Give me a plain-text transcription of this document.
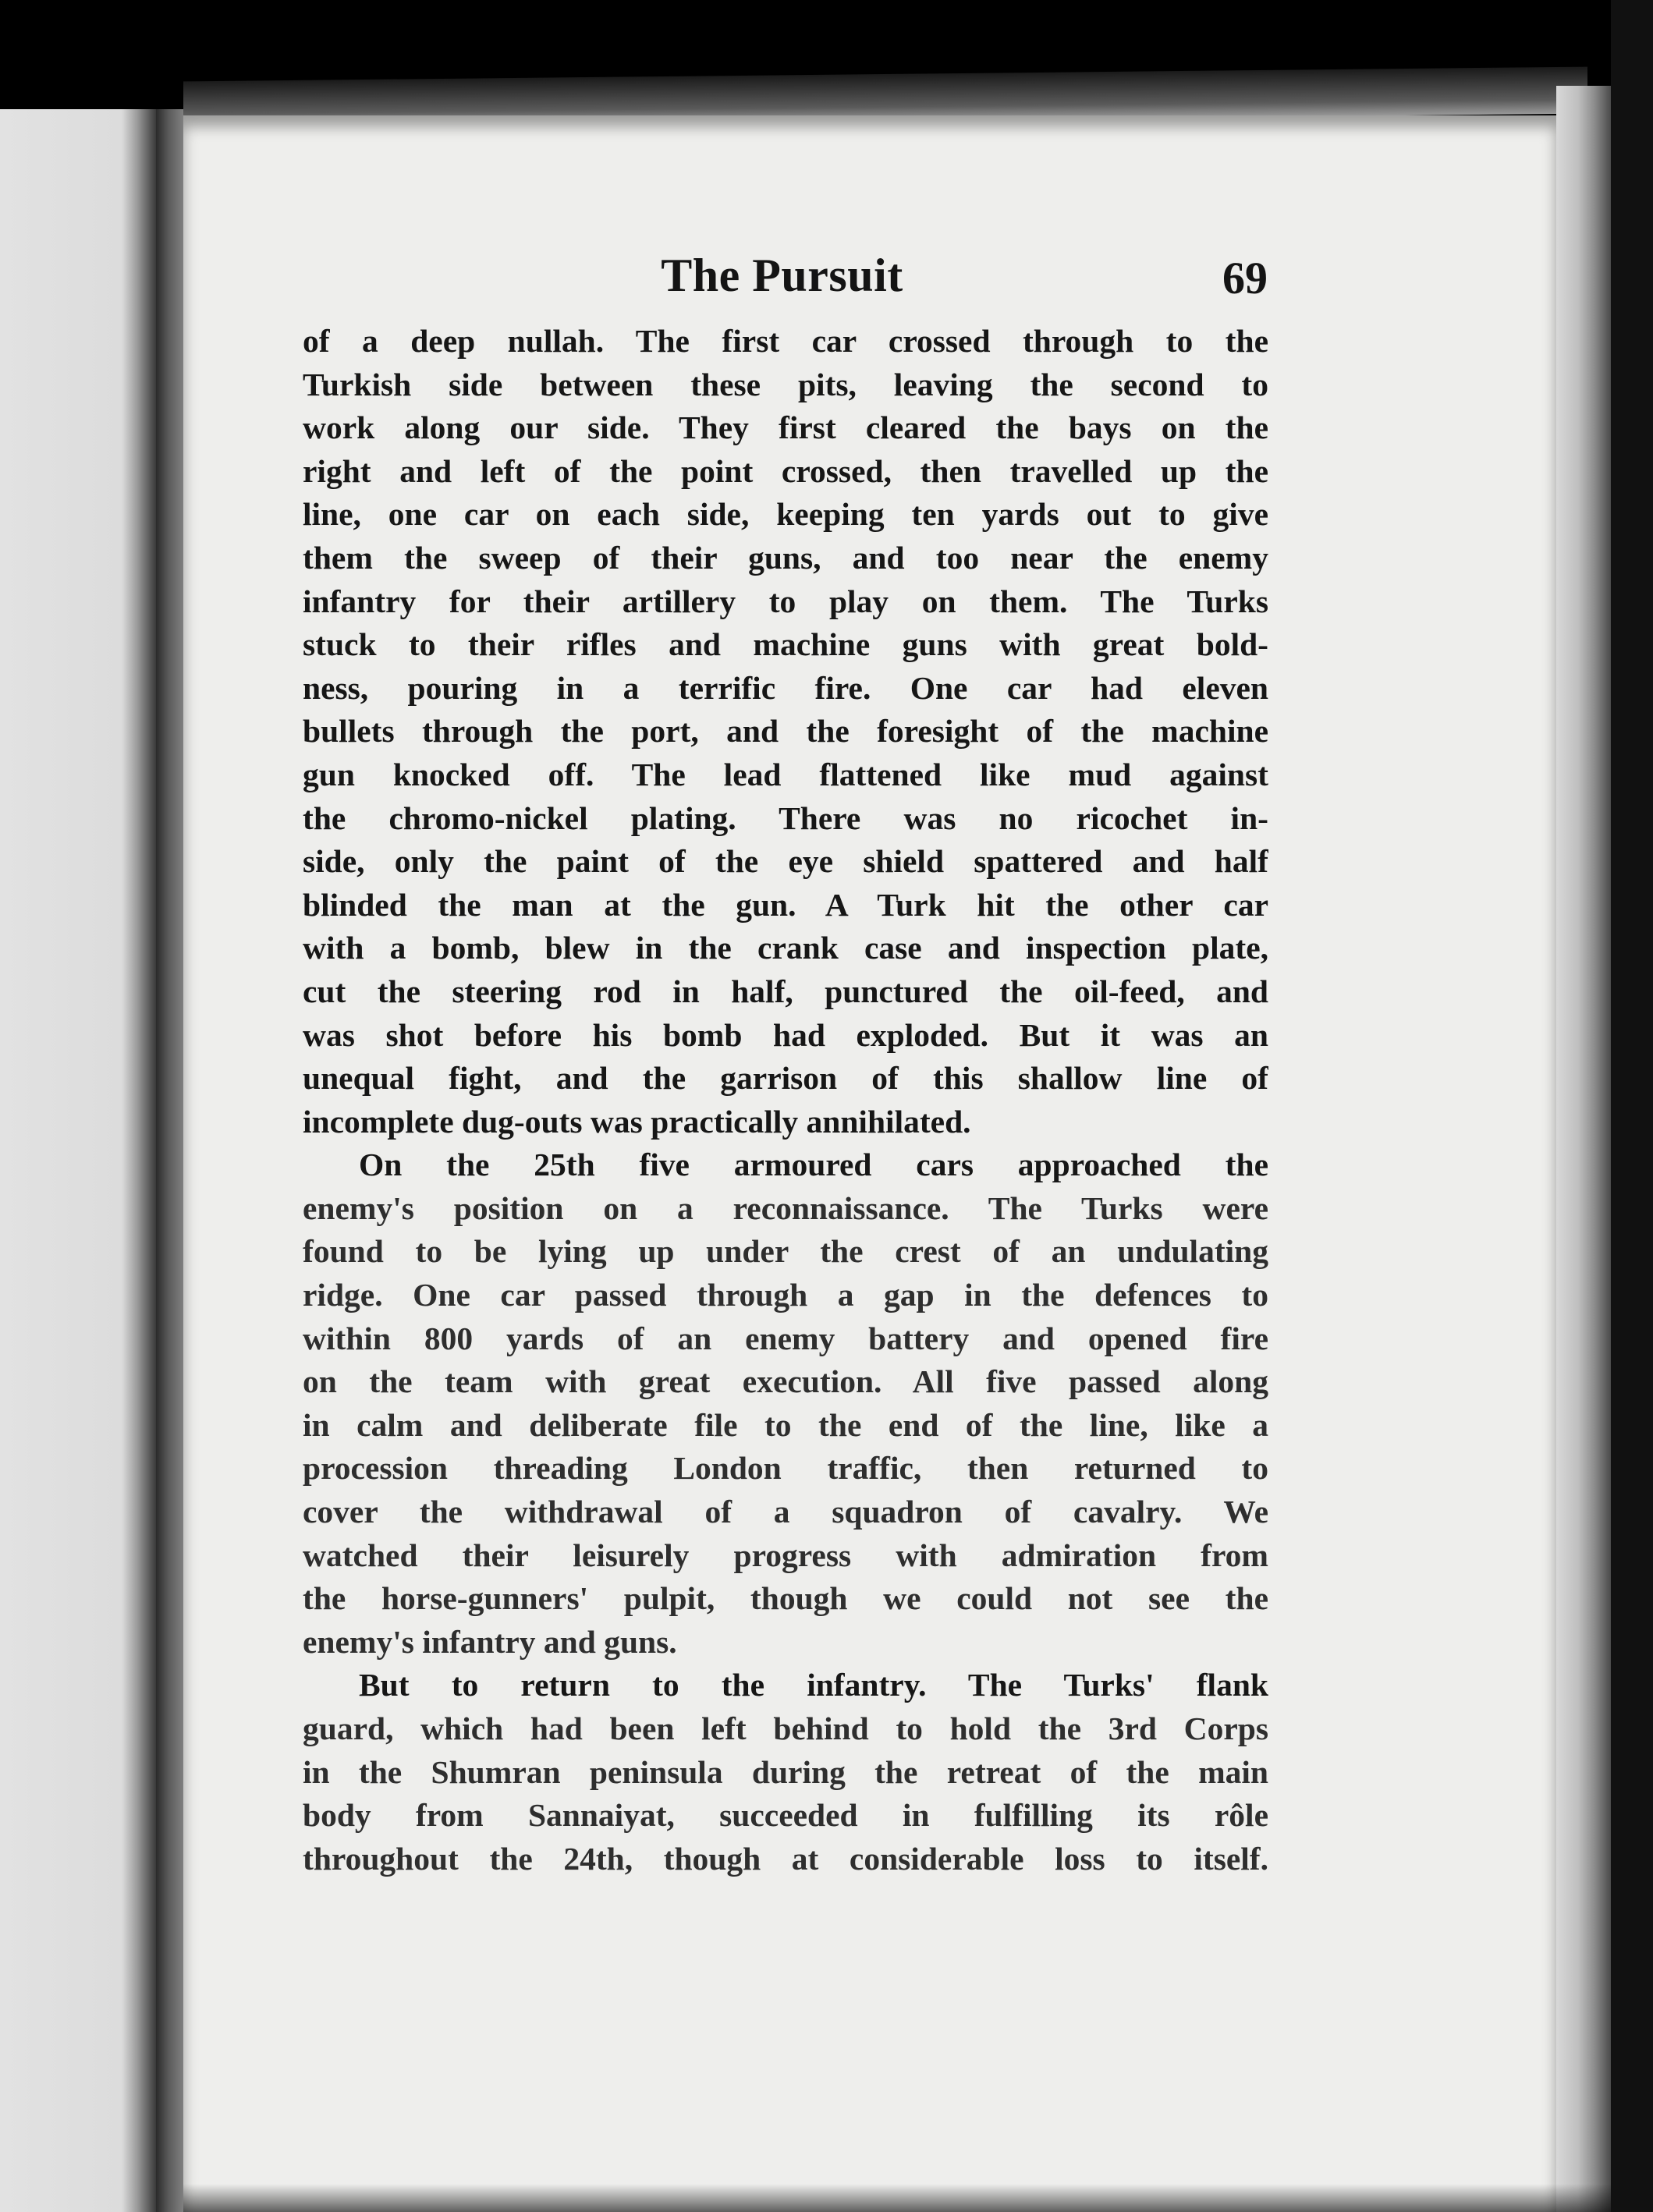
The Pursuit	69
of a deep nullah. The first car crossed through to the
Turkish side between these pits, leaving the second to
work along our side. They first cleared the bays on the
right and left of the point crossed, then travelled up the
line, one car on each side, keeping ten yards out to give
them the sweep of their guns, and too near the enemy
infantry for their artillery to play on them. The Turks
stuck to their rifles and machine guns with great bold-
ness, pouring in a terrific fire. One car had eleven
bullets through the port, and the foresight of the machine
gun knocked off. The lead flattened like mud against
the chromo-nickel plating. There was no ricochet in-
side, only the paint of the eye shield spattered and half
blinded the man at the gun. A Turk hit the other car
with a bomb, blew in the crank case and inspection plate,
cut the steering rod in half, punctured the oil-feed, and
was shot before his bomb had exploded. But it was an
unequal fight, and the garrison of this shallow line of
incomplete dug-outs was practically annihilated.
On the 25th five armoured cars approached the
enemy's position on a reconnaissance. The Turks were
found to be lying up under the crest of an undulating
ridge. One car passed through a gap in the defences to
within 800 yards of an enemy battery and opened fire
on the team with great execution. All five passed along
in calm and deliberate file to the end of the line, like a
procession threading London traffic, then returned to
cover the withdrawal of a squadron of cavalry. We
watched their leisurely progress with admiration from
the horse-gunners' pulpit, though we could not see the
enemy's infantry and guns.
But to return to the infantry. The Turks' flank
guard, which had been left behind to hold the 3rd Corps
in the Shumran peninsula during the retreat of the main
body from Sannaiyat, succeeded in fulfilling its rôle
throughout the 24th, though at considerable loss to itself.
